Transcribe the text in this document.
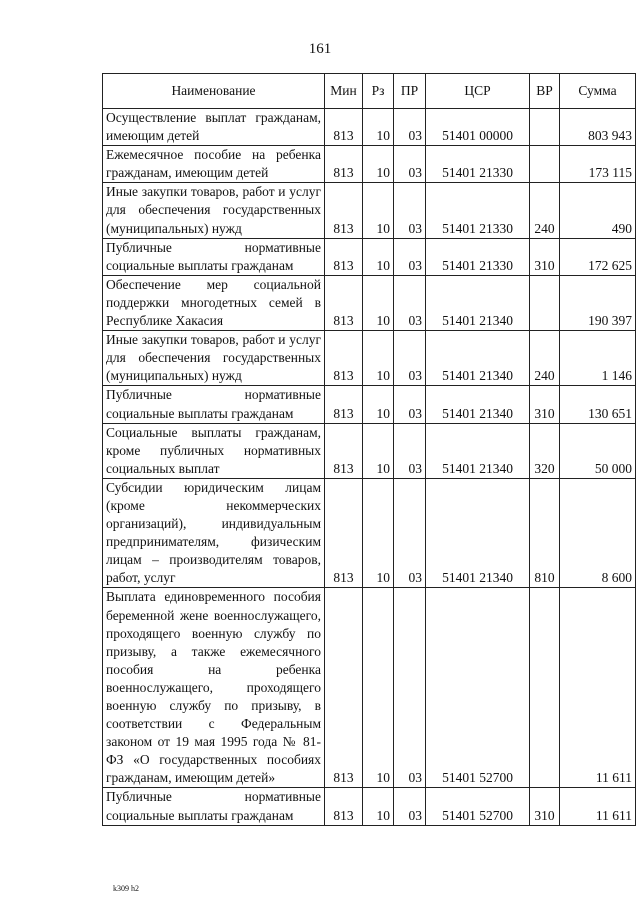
161
Наименование	Мин	Рз	ПР	ЦСР	ВР	Сумма
Осуществление выплат гражданам, имеющим детей	813	10	03	51401 00000		803 943
Ежемесячное пособие на ребенка гражданам, имеющим детей	813	10	03	51401 21330		173 115
Иные закупки товаров, работ и услуг для обеспечения государственных (муниципальных) нужд	813	10	03	51401 21330	240	490
Публичные нормативные социальные выплаты гражданам	813	10	03	51401 21330	310	172 625
Обеспечение мер социальной поддержки многодетных семей в Республике Хакасия	813	10	03	51401 21340		190 397
Иные закупки товаров, работ и услуг для обеспечения государственных (муниципальных) нужд	813	10	03	51401 21340	240	1 146
Публичные нормативные социальные выплаты гражданам	813	10	03	51401 21340	310	130 651
Социальные выплаты гражданам, кроме публичных нормативных социальных выплат	813	10	03	51401 21340	320	50 000
Субсидии юридическим лицам (кроме некоммерческих организаций), индивидуальным предпринимателям, физическим лицам – производителям товаров, работ, услуг	813	10	03	51401 21340	810	8 600
Выплата единовременного пособия беременной жене военнослужащего, проходящего военную службу по призыву, а также ежемесячного пособия на ребенка военнослужащего, проходящего военную службу по призыву, в соответствии с Федеральным законом от 19 мая 1995 года № 81-ФЗ «О государственных пособиях гражданам, имеющим детей»	813	10	03	51401 52700		11 611
Публичные нормативные социальные выплаты гражданам	813	10	03	51401 52700	310	11 611
k309 h2
